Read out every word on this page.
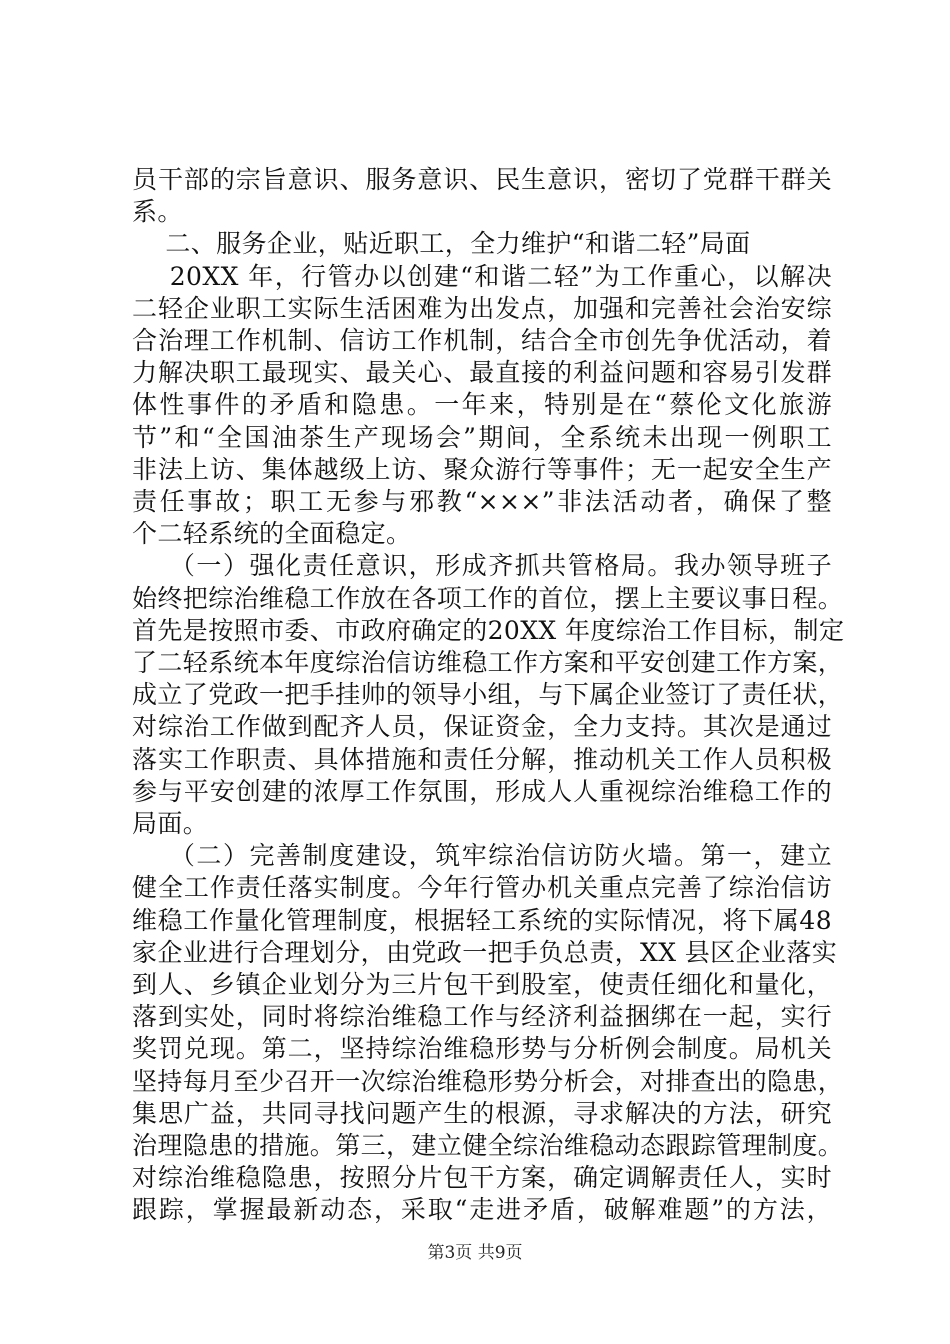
员干部的宗旨意识、服务意识、民生意识，密切了党群干群关
系。
二、服务企业，贴近职工，全力维护“和谐二轻”局面
20XX 年，行管办以创建“和谐二轻”为工作重心，以解决
二轻企业职工实际生活困难为出发点，加强和完善社会治安综
合治理工作机制、信访工作机制，结合全市创先争优活动，着
力解决职工最现实、最关心、最直接的利益问题和容易引发群
体性事件的矛盾和隐患。一年来，特别是在“蔡伦文化旅游
节”和“全国油茶生产现场会”期间，全系统未出现一例职工
非法上访、集体越级上访、聚众游行等事件；无一起安全生产
责任事故；职工无参与邪教“×××”非法活动者，确保了整
个二轻系统的全面稳定。
（一）强化责任意识，形成齐抓共管格局。我办领导班子
始终把综治维稳工作放在各项工作的首位，摆上主要议事日程。
首先是按照市委、市政府确定的20XX 年度综治工作目标，制定
了二轻系统本年度综治信访维稳工作方案和平安创建工作方案，
成立了党政一把手挂帅的领导小组，与下属企业签订了责任状，
对综治工作做到配齐人员，保证资金，全力支持。其次是通过
落实工作职责、具体措施和责任分解，推动机关工作人员积极
参与平安创建的浓厚工作氛围，形成人人重视综治维稳工作的
局面。
（二）完善制度建设，筑牢综治信访防火墙。第一，建立
健全工作责任落实制度。今年行管办机关重点完善了综治信访
维稳工作量化管理制度，根据轻工系统的实际情况，将下属48
家企业进行合理划分，由党政一把手负总责，XX 县区企业落实
到人、乡镇企业划分为三片包干到股室，使责任细化和量化，
落到实处，同时将综治维稳工作与经济利益捆绑在一起，实行
奖罚兑现。第二，坚持综治维稳形势与分析例会制度。局机关
坚持每月至少召开一次综治维稳形势分析会，对排查出的隐患，
集思广益，共同寻找问题产生的根源，寻求解决的方法，研究
治理隐患的措施。第三，建立健全综治维稳动态跟踪管理制度。
对综治维稳隐患，按照分片包干方案，确定调解责任人，实时
跟踪，掌握最新动态，采取“走进矛盾，破解难题”的方法，
第3页 共9页
